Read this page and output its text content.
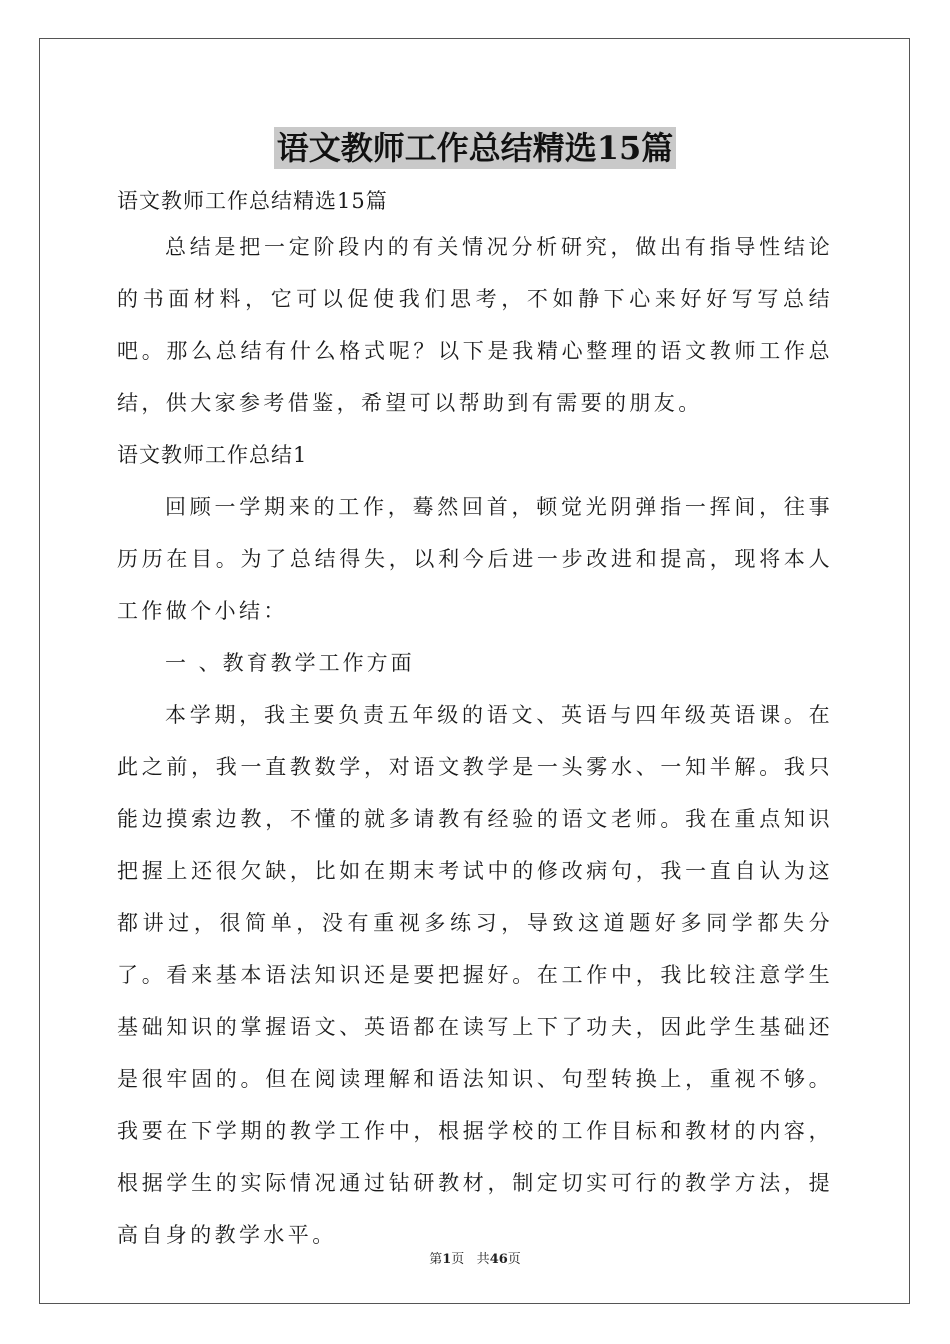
语文教师工作总结精选15篇

语文教师工作总结精选15篇

总结是把一定阶段内的有关情况分析研究，做出有指导性结论的书面材料，它可以促使我们思考，不如静下心来好好写写总结吧。那么总结有什么格式呢？以下是我精心整理的语文教师工作总结，供大家参考借鉴，希望可以帮助到有需要的朋友。

语文教师工作总结1

回顾一学期来的工作，蓦然回首，顿觉光阴弹指一挥间，往事历历在目。为了总结得失，以利今后进一步改进和提高，现将本人工作做个小结：

一 、教育教学工作方面

本学期，我主要负责五年级的语文、英语与四年级英语课。在此之前，我一直教数学，对语文教学是一头雾水、一知半解。我只能边摸索边教，不懂的就多请教有经验的语文老师。我在重点知识把握上还很欠缺，比如在期末考试中的修改病句，我一直自认为这都讲过，很简单，没有重视多练习，导致这道题好多同学都失分了。看来基本语法知识还是要把握好。在工作中，我比较注意学生基础知识的掌握语文、英语都在读写上下了功夫，因此学生基础还是很牢固的。但在阅读理解和语法知识、句型转换上，重视不够。我要在下学期的教学工作中，根据学校的工作目标和教材的内容，根据学生的实际情况通过钻研教材，制定切实可行的教学方法，提高自身的教学水平。

第1页 共46页
